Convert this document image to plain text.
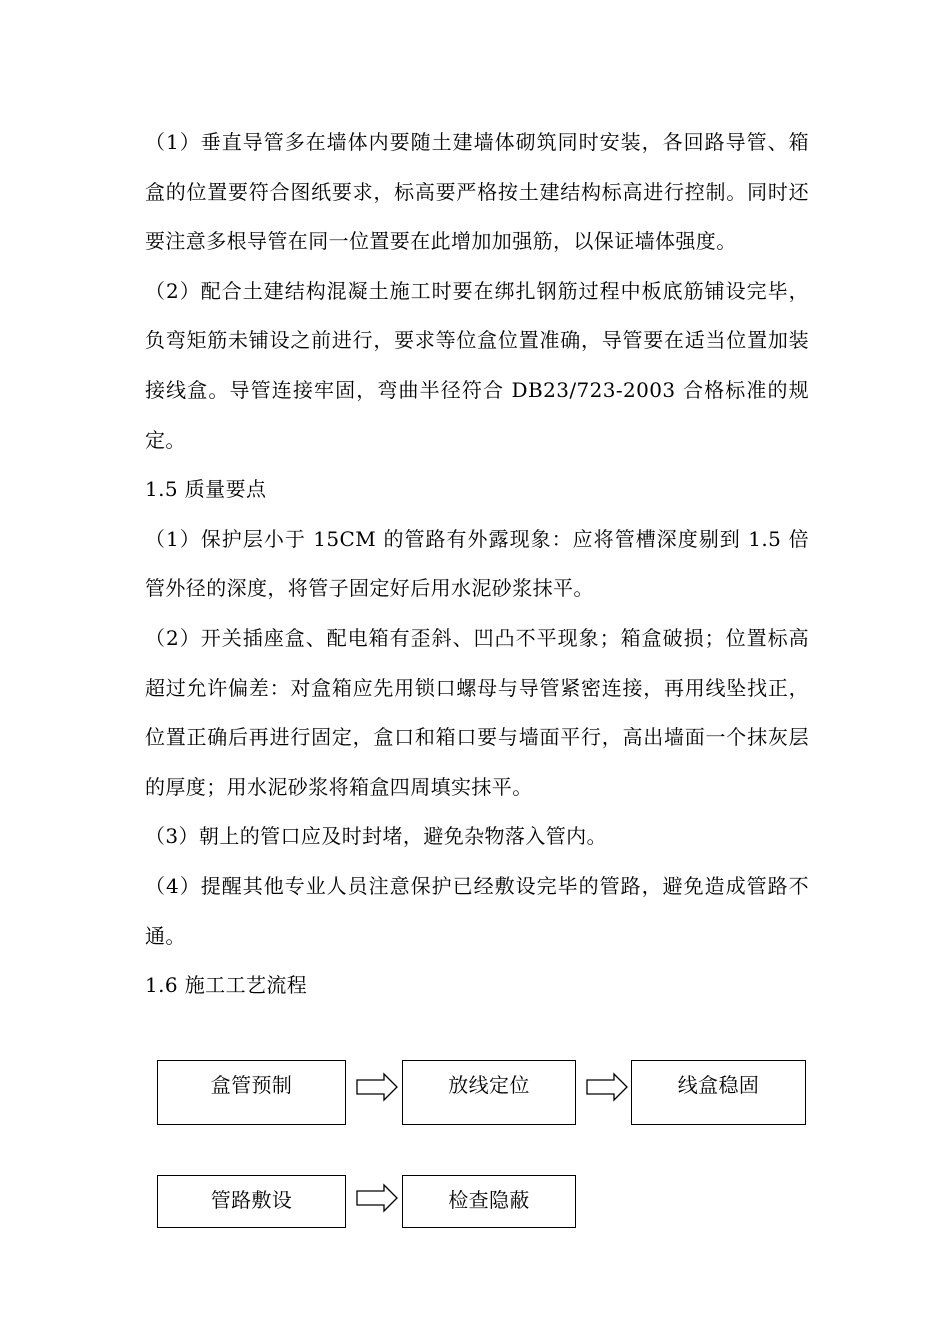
（1）垂直导管多在墙体内要随土建墙体砌筑同时安装，各回路导管、箱盒的位置要符合图纸要求，标高要严格按土建结构标高进行控制。同时还要注意多根导管在同一位置要在此增加加强筋，以保证墙体强度。

（2）配合土建结构混凝土施工时要在绑扎钢筋过程中板底筋铺设完毕，负弯矩筋未铺设之前进行，要求等位盒位置准确，导管要在适当位置加装接线盒。导管连接牢固，弯曲半径符合 DB23/723-2003 合格标准的规定。

1.5 质量要点

（1）保护层小于 15CM 的管路有外露现象：应将管槽深度剔到 1.5 倍管外径的深度，将管子固定好后用水泥砂浆抹平。

（2）开关插座盒、配电箱有歪斜、凹凸不平现象；箱盒破损；位置标高超过允许偏差：对盒箱应先用锁口螺母与导管紧密连接，再用线坠找正，位置正确后再进行固定，盒口和箱口要与墙面平行，高出墙面一个抹灰层的厚度；用水泥砂浆将箱盒四周填实抹平。

（3）朝上的管口应及时封堵，避免杂物落入管内。

（4）提醒其他专业人员注意保护已经敷设完毕的管路，避免造成管路不通。

1.6 施工工艺流程

盒管预制	放线定位	线盒稳固
管路敷设	检查隐蔽
